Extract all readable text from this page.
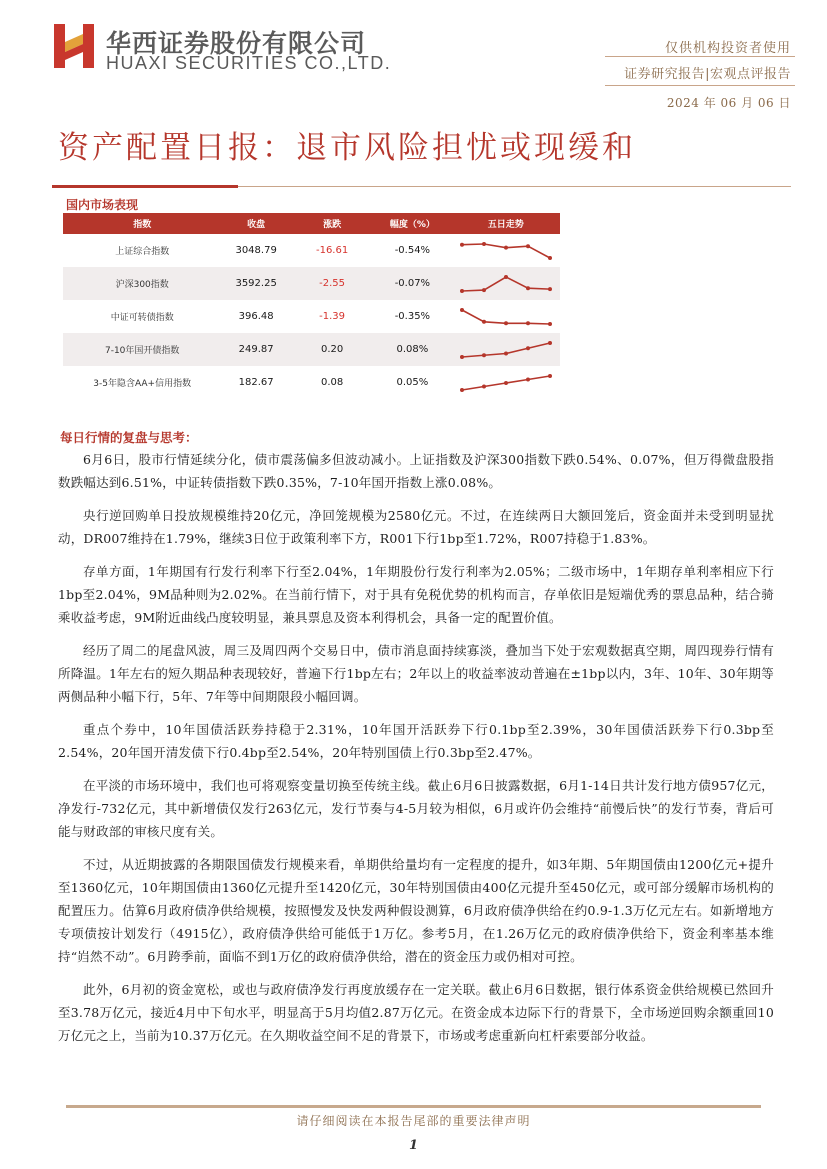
华西证券股份有限公司
HUAXI SECURITIES CO.,LTD.
仅供机构投资者使用
证券研究报告|宏观点评报告
2024 年 06 月 06 日
资产配置日报：退市风险担忧或现缓和
国内市场表现
指数	收盘	涨跌	幅度（%）	五日走势
上证综合指数	3048.79	-16.61	-0.54%	

沪深300指数	3592.25	-2.55	-0.07%	

中证可转债指数	396.48	-1.39	-0.35%	

7-10年国开债指数	249.87	0.20	0.08%	

3-5年隐含AA+信用指数	182.67	0.08	0.05%	
每日行情的复盘与思考：

6月6日，股市行情延续分化，债市震荡偏多但波动减小。上证指数及沪深300指数下跌0.54%、0.07%，但万得微盘股指数跌幅达到6.51%，中证转债指数下跌0.35%，7-10年国开指数上涨0.08%。

央行逆回购单日投放规模维持20亿元，净回笼规模为2580亿元。不过，在连续两日大额回笼后，资金面并未受到明显扰动，DR007维持在1.79%，继续3日位于政策利率下方，R001下行1bp至1.72%，R007持稳于1.83%。

存单方面，1年期国有行发行利率下行至2.04%，1年期股份行发行利率为2.05%；二级市场中，1年期存单利率相应下行1bp至2.04%，9M品种则为2.02%。在当前行情下，对于具有免税优势的机构而言，存单依旧是短端优秀的票息品种，结合骑乘收益考虑，9M附近曲线凸度较明显，兼具票息及资本利得机会，具备一定的配置价值。

经历了周二的尾盘风波，周三及周四两个交易日中，债市消息面持续寡淡，叠加当下处于宏观数据真空期，周四现券行情有所降温。1年左右的短久期品种表现较好，普遍下行1bp左右；2年以上的收益率波动普遍在±1bp以内，3年、10年、30年期等两侧品种小幅下行，5年、7年等中间期限段小幅回调。

重点个券中，10年国债活跃券持稳于2.31%，10年国开活跃券下行0.1bp至2.39%，30年国债活跃券下行0.3bp至2.54%，20年国开清发债下行0.4bp至2.54%，20年特别国债上行0.3bp至2.47%。

在平淡的市场环境中，我们也可将观察变量切换至传统主线。截止6月6日披露数据，6月1-14日共计发行地方债957亿元，净发行-732亿元，其中新增债仅发行263亿元，发行节奏与4-5月较为相似，6月或许仍会维持“前慢后快”的发行节奏，背后可能与财政部的审核尺度有关。

不过，从近期披露的各期限国债发行规模来看，单期供给量均有一定程度的提升，如3年期、5年期国债由1200亿元+提升至1360亿元，10年期国债由1360亿元提升至1420亿元，30年特别国债由400亿元提升至450亿元，或可部分缓解市场机构的配置压力。估算6月政府债净供给规模，按照慢发及快发两种假设测算，6月政府债净供给在约0.9-1.3万亿元左右。如新增地方专项债按计划发行（4915亿），政府债净供给可能低于1万亿。参考5月，在1.26万亿元的政府债净供给下，资金利率基本维持“岿然不动”。6月跨季前，面临不到1万亿的政府债净供给，潜在的资金压力或仍相对可控。

此外，6月初的资金宽松，或也与政府债净发行再度放缓存在一定关联。截止6月6日数据，银行体系资金供给规模已然回升至3.78万亿元，接近4月中下旬水平，明显高于5月均值2.87万亿元。在资金成本边际下行的背景下，全市场逆回购余额重回10万亿元之上，当前为10.37万亿元。在久期收益空间不足的背景下，市场或考虑重新向杠杆索要部分收益。

请仔细阅读在本报告尾部的重要法律声明
1
